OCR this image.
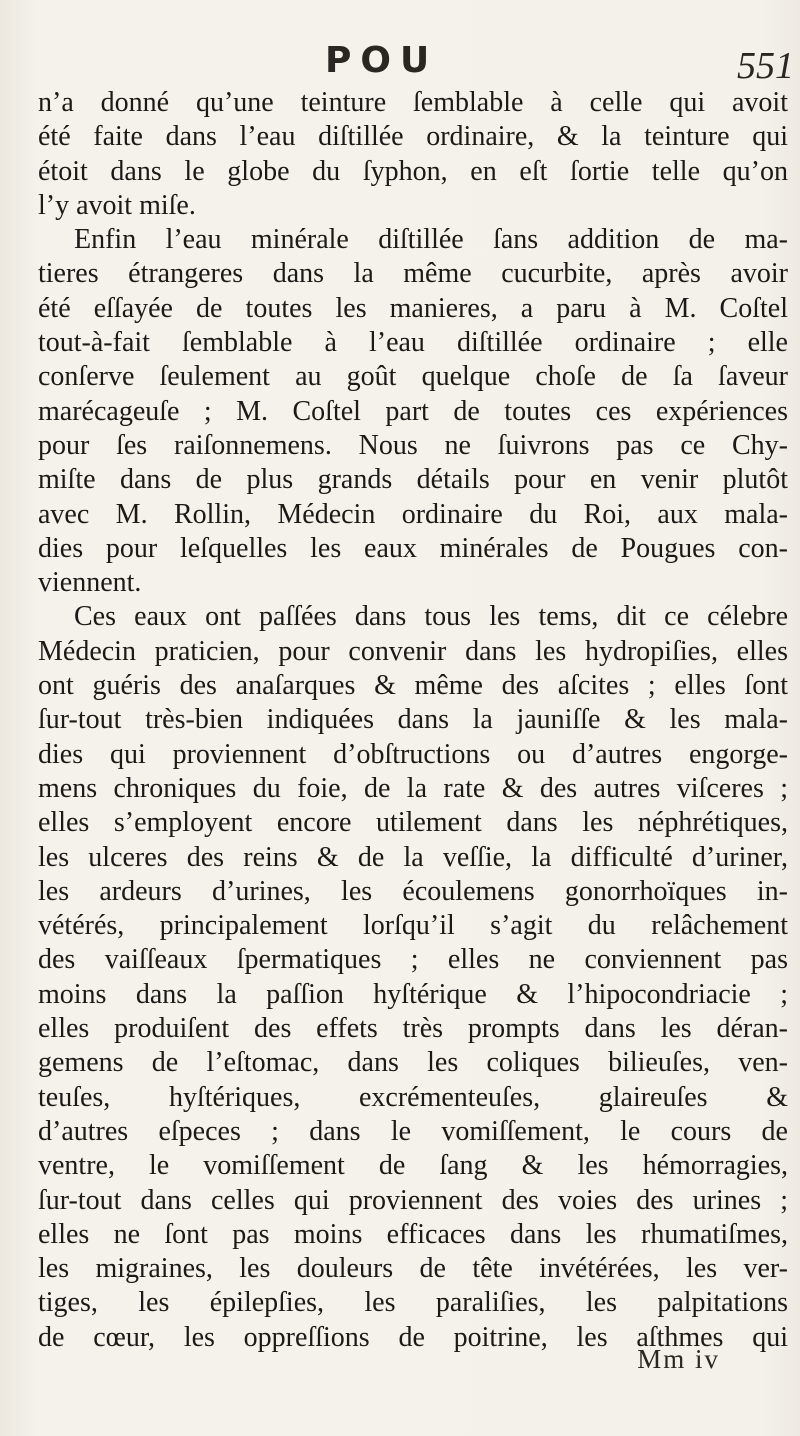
POU	551
n’a donné qu’une teinture ſemblable à celle qui avoit
été faite dans l’eau diſtillée ordinaire, & la teinture qui
étoit dans le globe du ſyphon, en eſt ſortie telle qu’on
l’y avoit miſe.
Enfin l’eau minérale diſtillée ſans addition de ma-
tieres étrangeres dans la même cucurbite, après avoir
été eſſayée de toutes les manieres, a paru à M. Coſtel
tout-à-fait ſemblable à l’eau diſtillée ordinaire ; elle
conſerve ſeulement au goût quelque choſe de ſa ſaveur
marécageuſe ; M. Coſtel part de toutes ces expériences
pour ſes raiſonnemens. Nous ne ſuivrons pas ce Chy-
miſte dans de plus grands détails pour en venir plutôt
avec M. Rollin, Médecin ordinaire du Roi, aux mala-
dies pour leſquelles les eaux minérales de Pougues con-
viennent.
Ces eaux ont paſſées dans tous les tems, dit ce célebre
Médecin praticien, pour convenir dans les hydropiſies, elles
ont guéris des anaſarques & même des aſcites ; elles ſont
ſur-tout très-bien indiquées dans la jauniſſe & les mala-
dies qui proviennent d’obſtructions ou d’autres engorge-
mens chroniques du foie, de la rate & des autres viſceres ;
elles s’employent encore utilement dans les néphrétiques,
les ulceres des reins & de la veſſie, la difficulté d’uriner,
les ardeurs d’urines, les écoulemens gonorrhoïques in-
vétérés, principalement lorſqu’il s’agit du relâchement
des vaiſſeaux ſpermatiques ; elles ne conviennent pas
moins dans la paſſion hyſtérique & l’hipocondriacie ;
elles produiſent des effets très prompts dans les déran-
gemens de l’eſtomac, dans les coliques bilieuſes, ven-
teuſes, hyſtériques, excrémenteuſes, glaireuſes &
d’autres eſpeces ; dans le vomiſſement, le cours de
ventre, le vomiſſement de ſang & les hémorragies,
ſur-tout dans celles qui proviennent des voies des urines ;
elles ne ſont pas moins efficaces dans les rhumatiſmes,
les migraines, les douleurs de tête invétérées, les ver-
tiges, les épilepſies, les paraliſies, les palpitations
de cœur, les oppreſſions de poitrine, les aſthmes qui
Mm iv
